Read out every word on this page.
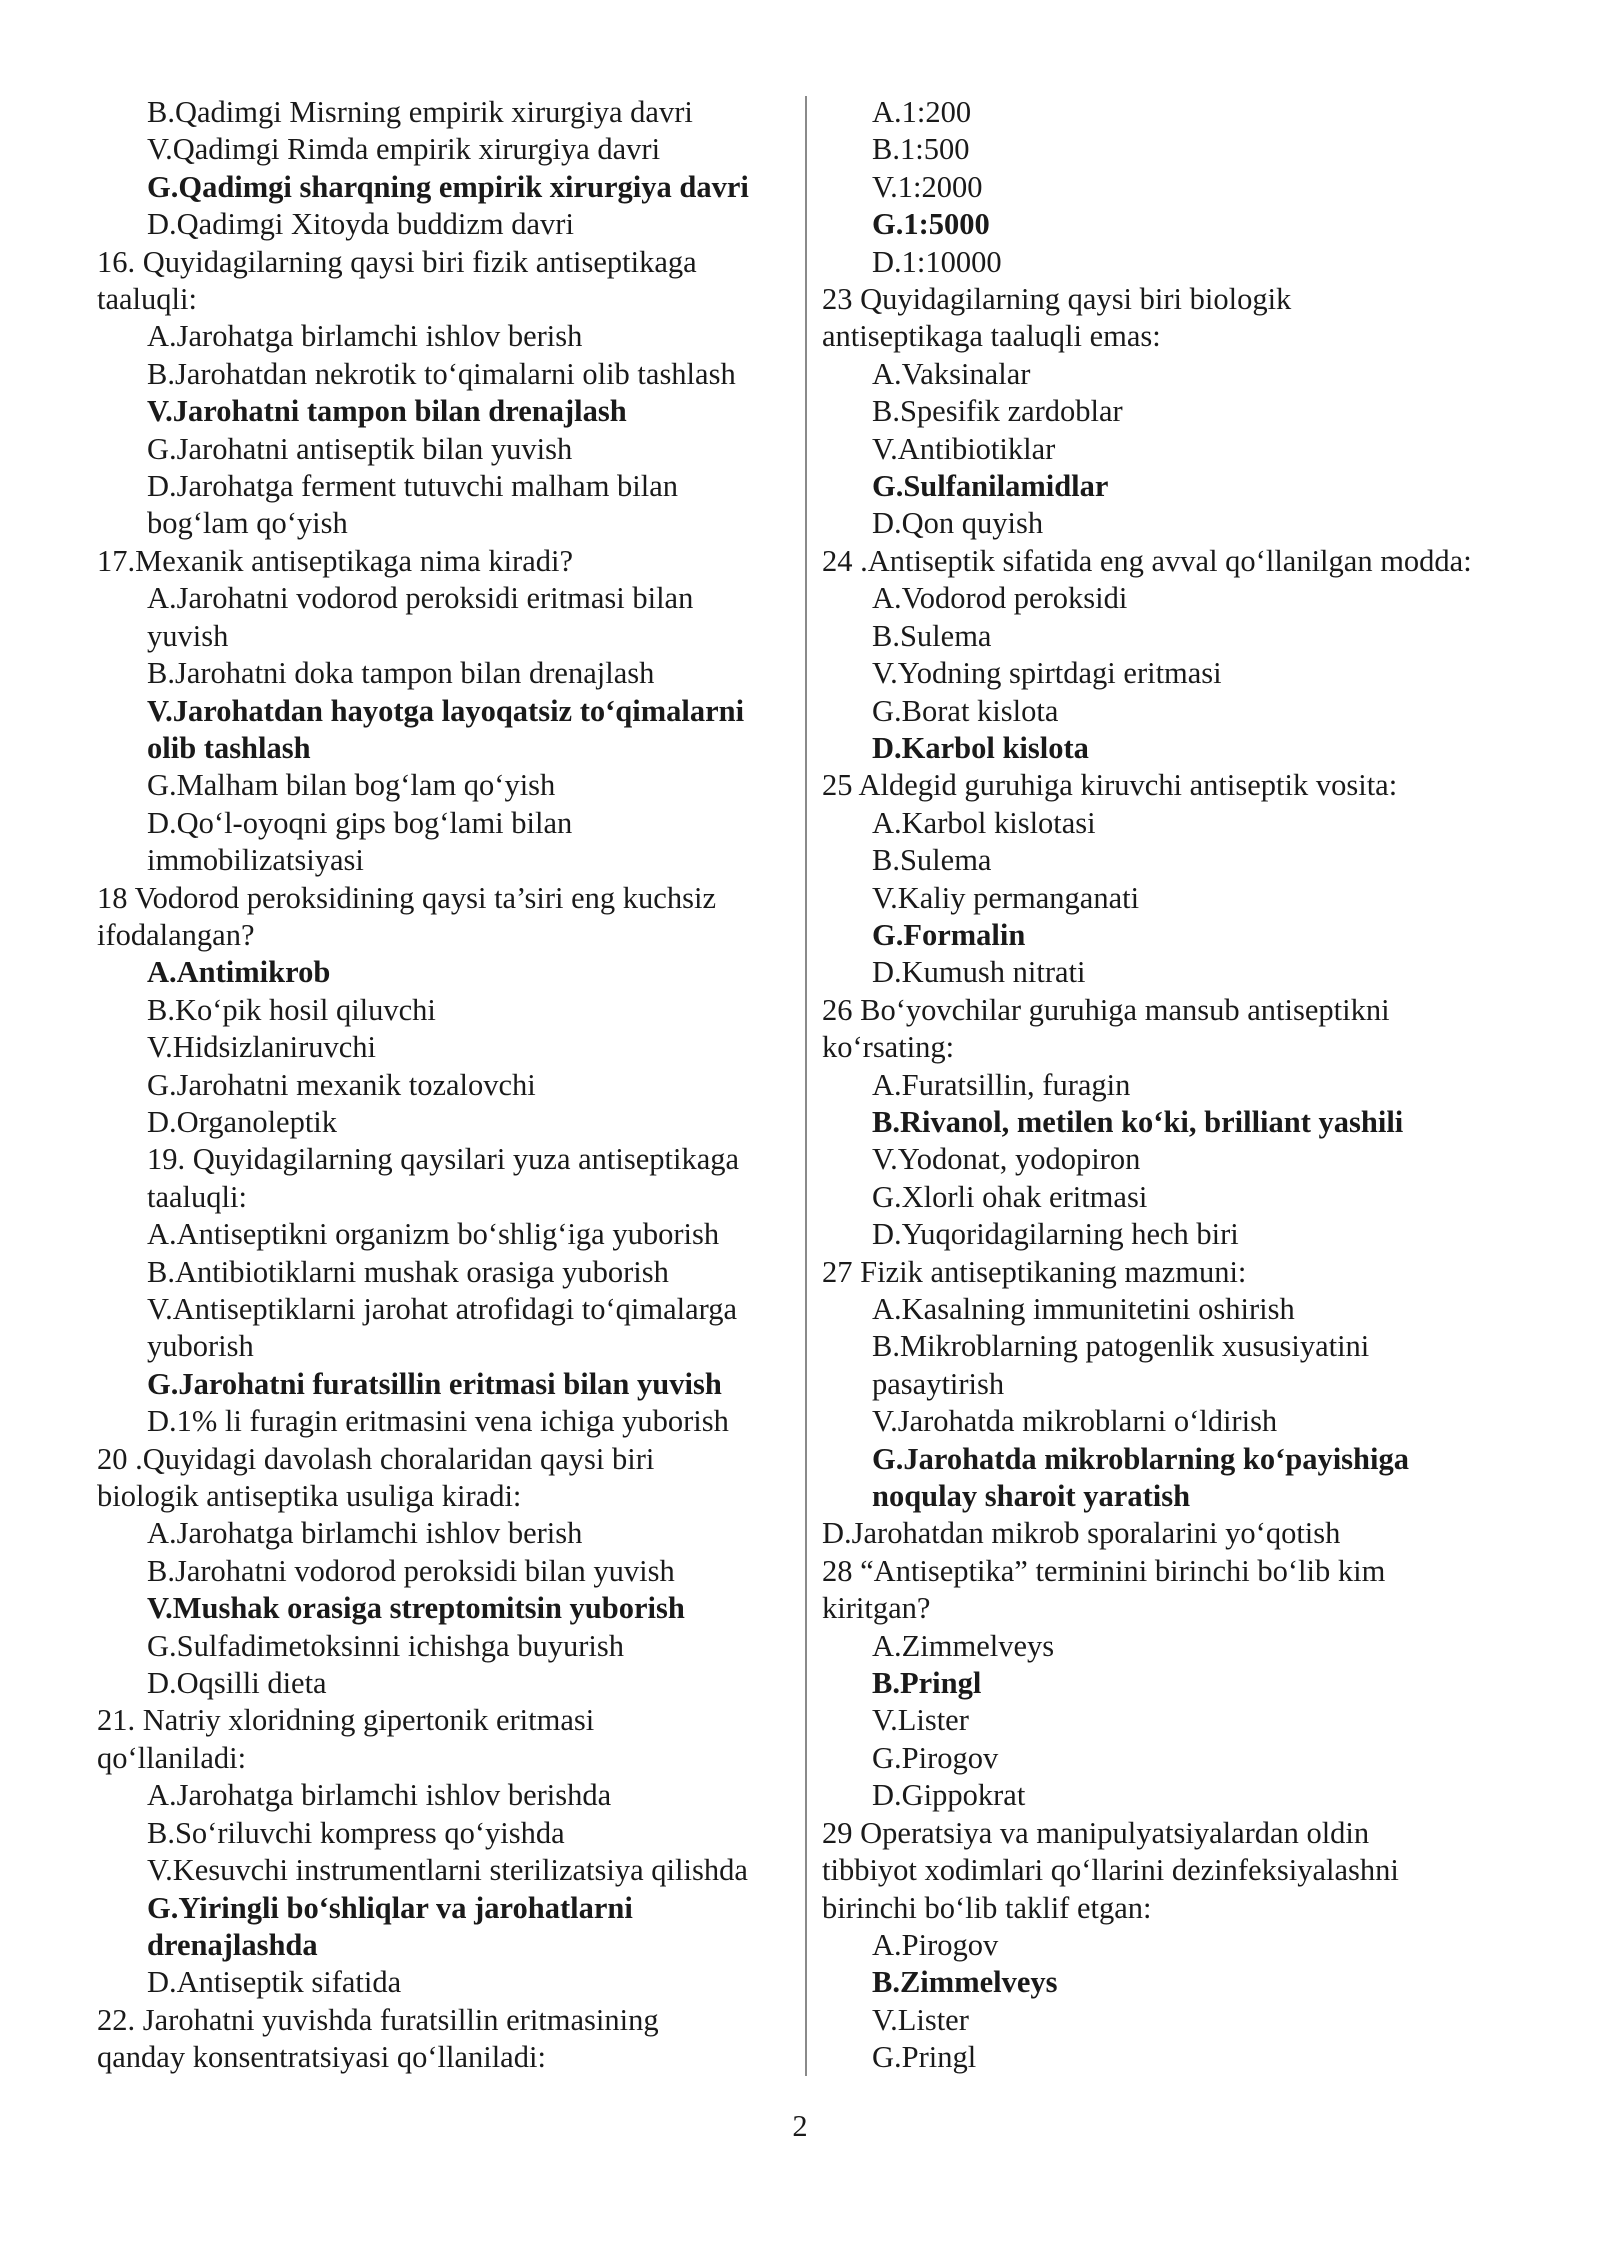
B.Qadimgi Misrning empirik xirurgiya davri
V.Qadimgi Rimda empirik xirurgiya davri
G.Qadimgi sharqning empirik xirurgiya davri
D.Qadimgi Xitoyda buddizm davri
16. Quyidagilarning qaysi biri fizik antiseptikaga
taaluqli:
A.Jarohatga birlamchi ishlov berish
B.Jarohatdan nekrotik to‘qimalarni olib tashlash
V.Jarohatni tampon bilan drenajlash
G.Jarohatni antiseptik bilan yuvish
D.Jarohatga ferment tutuvchi malham bilan
bog‘lam qo‘yish
17.Mexanik antiseptikaga nima kiradi?
A.Jarohatni vodorod peroksidi eritmasi bilan
yuvish
B.Jarohatni doka tampon bilan drenajlash
V.Jarohatdan hayotga layoqatsiz to‘qimalarni
olib tashlash
G.Malham bilan bog‘lam qo‘yish
D.Qo‘l-oyoqni gips bog‘lami bilan
immobilizatsiyasi
18 Vodorod peroksidining qaysi ta’siri eng kuchsiz
ifodalangan?
A.Antimikrob
B.Ko‘pik hosil qiluvchi
V.Hidsizlaniruvchi
G.Jarohatni mexanik tozalovchi
D.Organoleptik
19. Quyidagilarning qaysilari yuza antiseptikaga
taaluqli:
A.Antiseptikni organizm bo‘shlig‘iga yuborish
B.Antibiotiklarni mushak orasiga yuborish
V.Antiseptiklarni jarohat atrofidagi to‘qimalarga
yuborish
G.Jarohatni furatsillin eritmasi bilan yuvish
D.1% li furagin eritmasini vena ichiga yuborish
20 .Quyidagi davolash choralaridan qaysi biri
biologik antiseptika usuliga kiradi:
A.Jarohatga birlamchi ishlov berish
B.Jarohatni vodorod peroksidi bilan yuvish
V.Mushak orasiga streptomitsin yuborish
G.Sulfadimetoksinni ichishga buyurish
D.Oqsilli dieta
21. Natriy xloridning gipertonik eritmasi
qo‘llaniladi:
A.Jarohatga birlamchi ishlov berishda
B.So‘riluvchi kompress qo‘yishda
V.Kesuvchi instrumentlarni sterilizatsiya qilishda
G.Yiringli bo‘shliqlar va jarohatlarni
drenajlashda
D.Antiseptik sifatida
22. Jarohatni yuvishda furatsillin eritmasining
qanday konsentratsiyasi qo‘llaniladi:
A.1:200
B.1:500
V.1:2000
G.1:5000
D.1:10000
23 Quyidagilarning qaysi biri biologik
antiseptikaga taaluqli emas:
A.Vaksinalar
B.Spesifik zardoblar
V.Antibiotiklar
G.Sulfanilamidlar
D.Qon quyish
24 .Antiseptik sifatida eng avval qo‘llanilgan modda:
A.Vodorod peroksidi
B.Sulema
V.Yodning spirtdagi eritmasi
G.Borat kislota
D.Karbol kislota
25 Aldegid guruhiga kiruvchi antiseptik vosita:
A.Karbol kislotasi
B.Sulema
V.Kaliy permanganati
G.Formalin
D.Kumush nitrati
26 Bo‘yovchilar guruhiga mansub antiseptikni
ko‘rsating:
A.Furatsillin, furagin
B.Rivanol, metilen ko‘ki, brilliant yashili
V.Yodonat, yodopiron
G.Xlorli ohak eritmasi
D.Yuqoridagilarning hech biri
27 Fizik antiseptikaning mazmuni:
A.Kasalning immunitetini oshirish
B.Mikroblarning patogenlik xususiyatini
pasaytirish
V.Jarohatda mikroblarni o‘ldirish
G.Jarohatda mikroblarning ko‘payishiga
noqulay sharoit yaratish
D.Jarohatdan mikrob sporalarini yo‘qotish
28 “Antiseptika” terminini birinchi bo‘lib kim
kiritgan?
A.Zimmelveys
B.Pringl
V.Lister
G.Pirogov
D.Gippokrat
29 Operatsiya va manipulyatsiyalardan oldin
tibbiyot xodimlari qo‘llarini dezinfeksiyalashni
birinchi bo‘lib taklif etgan:
A.Pirogov
B.Zimmelveys
V.Lister
G.Pringl
2
